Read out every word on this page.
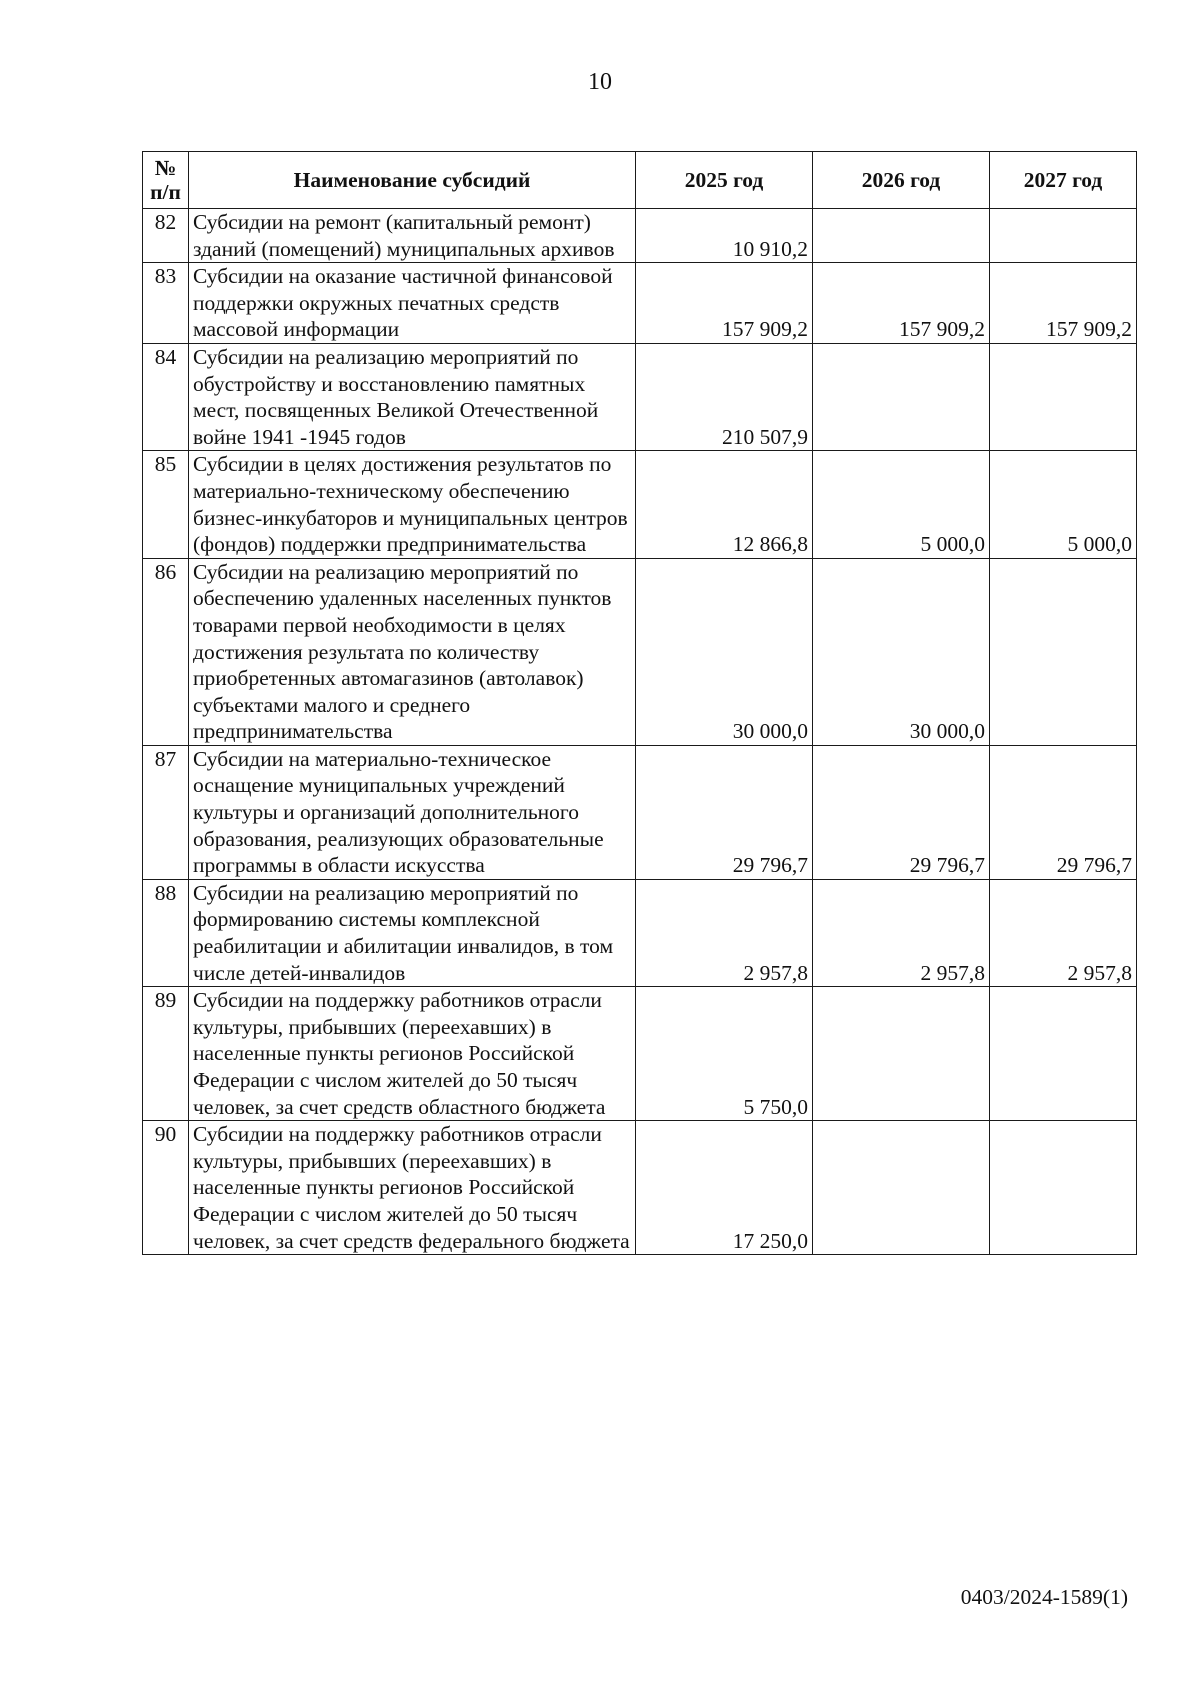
10
№
п/п	Наименование субсидий	2025 год	2026 год	2027 год
82	Субсидии на ремонт (капитальный ремонт) зданий (помещений) муниципальных архивов	10 910,2		
83	Субсидии на оказание частичной финансовой поддержки окружных печатных средств массовой информации	157 909,2	157 909,2	157 909,2
84	Субсидии на реализацию мероприятий по обустройству и восстановлению памятных мест, посвященных Великой Отечественной войне 1941 -1945 годов	210 507,9		
85	Субсидии в целях достижения результатов по материально-техническому обеспечению бизнес-инкубаторов и муниципальных центров (фондов) поддержки предпринимательства	12 866,8	5 000,0	5 000,0
86	Субсидии на реализацию мероприятий по обеспечению удаленных населенных пунктов товарами первой необходимости в целях достижения результата по количеству приобретенных автомагазинов (автолавок) субъектами малого и среднего предпринимательства	30 000,0	30 000,0	
87	Субсидии на материально-техническое оснащение муниципальных учреждений культуры и организаций дополнительного образования, реализующих образовательные программы в области искусства	29 796,7	29 796,7	29 796,7
88	Субсидии на реализацию мероприятий по формированию системы комплексной реабилитации и абилитации инвалидов, в том числе детей-инвалидов	2 957,8	2 957,8	2 957,8
89	Субсидии на поддержку работников отрасли культуры, прибывших (переехавших) в населенные пункты регионов Российской Федерации с числом жителей до 50 тысяч человек, за счет средств областного бюджета	5 750,0		
90	Субсидии на поддержку работников отрасли культуры, прибывших (переехавших) в населенные пункты регионов Российской Федерации с числом жителей до 50 тысяч человек, за счет средств федерального бюджета	17 250,0		
0403/2024-1589(1)
